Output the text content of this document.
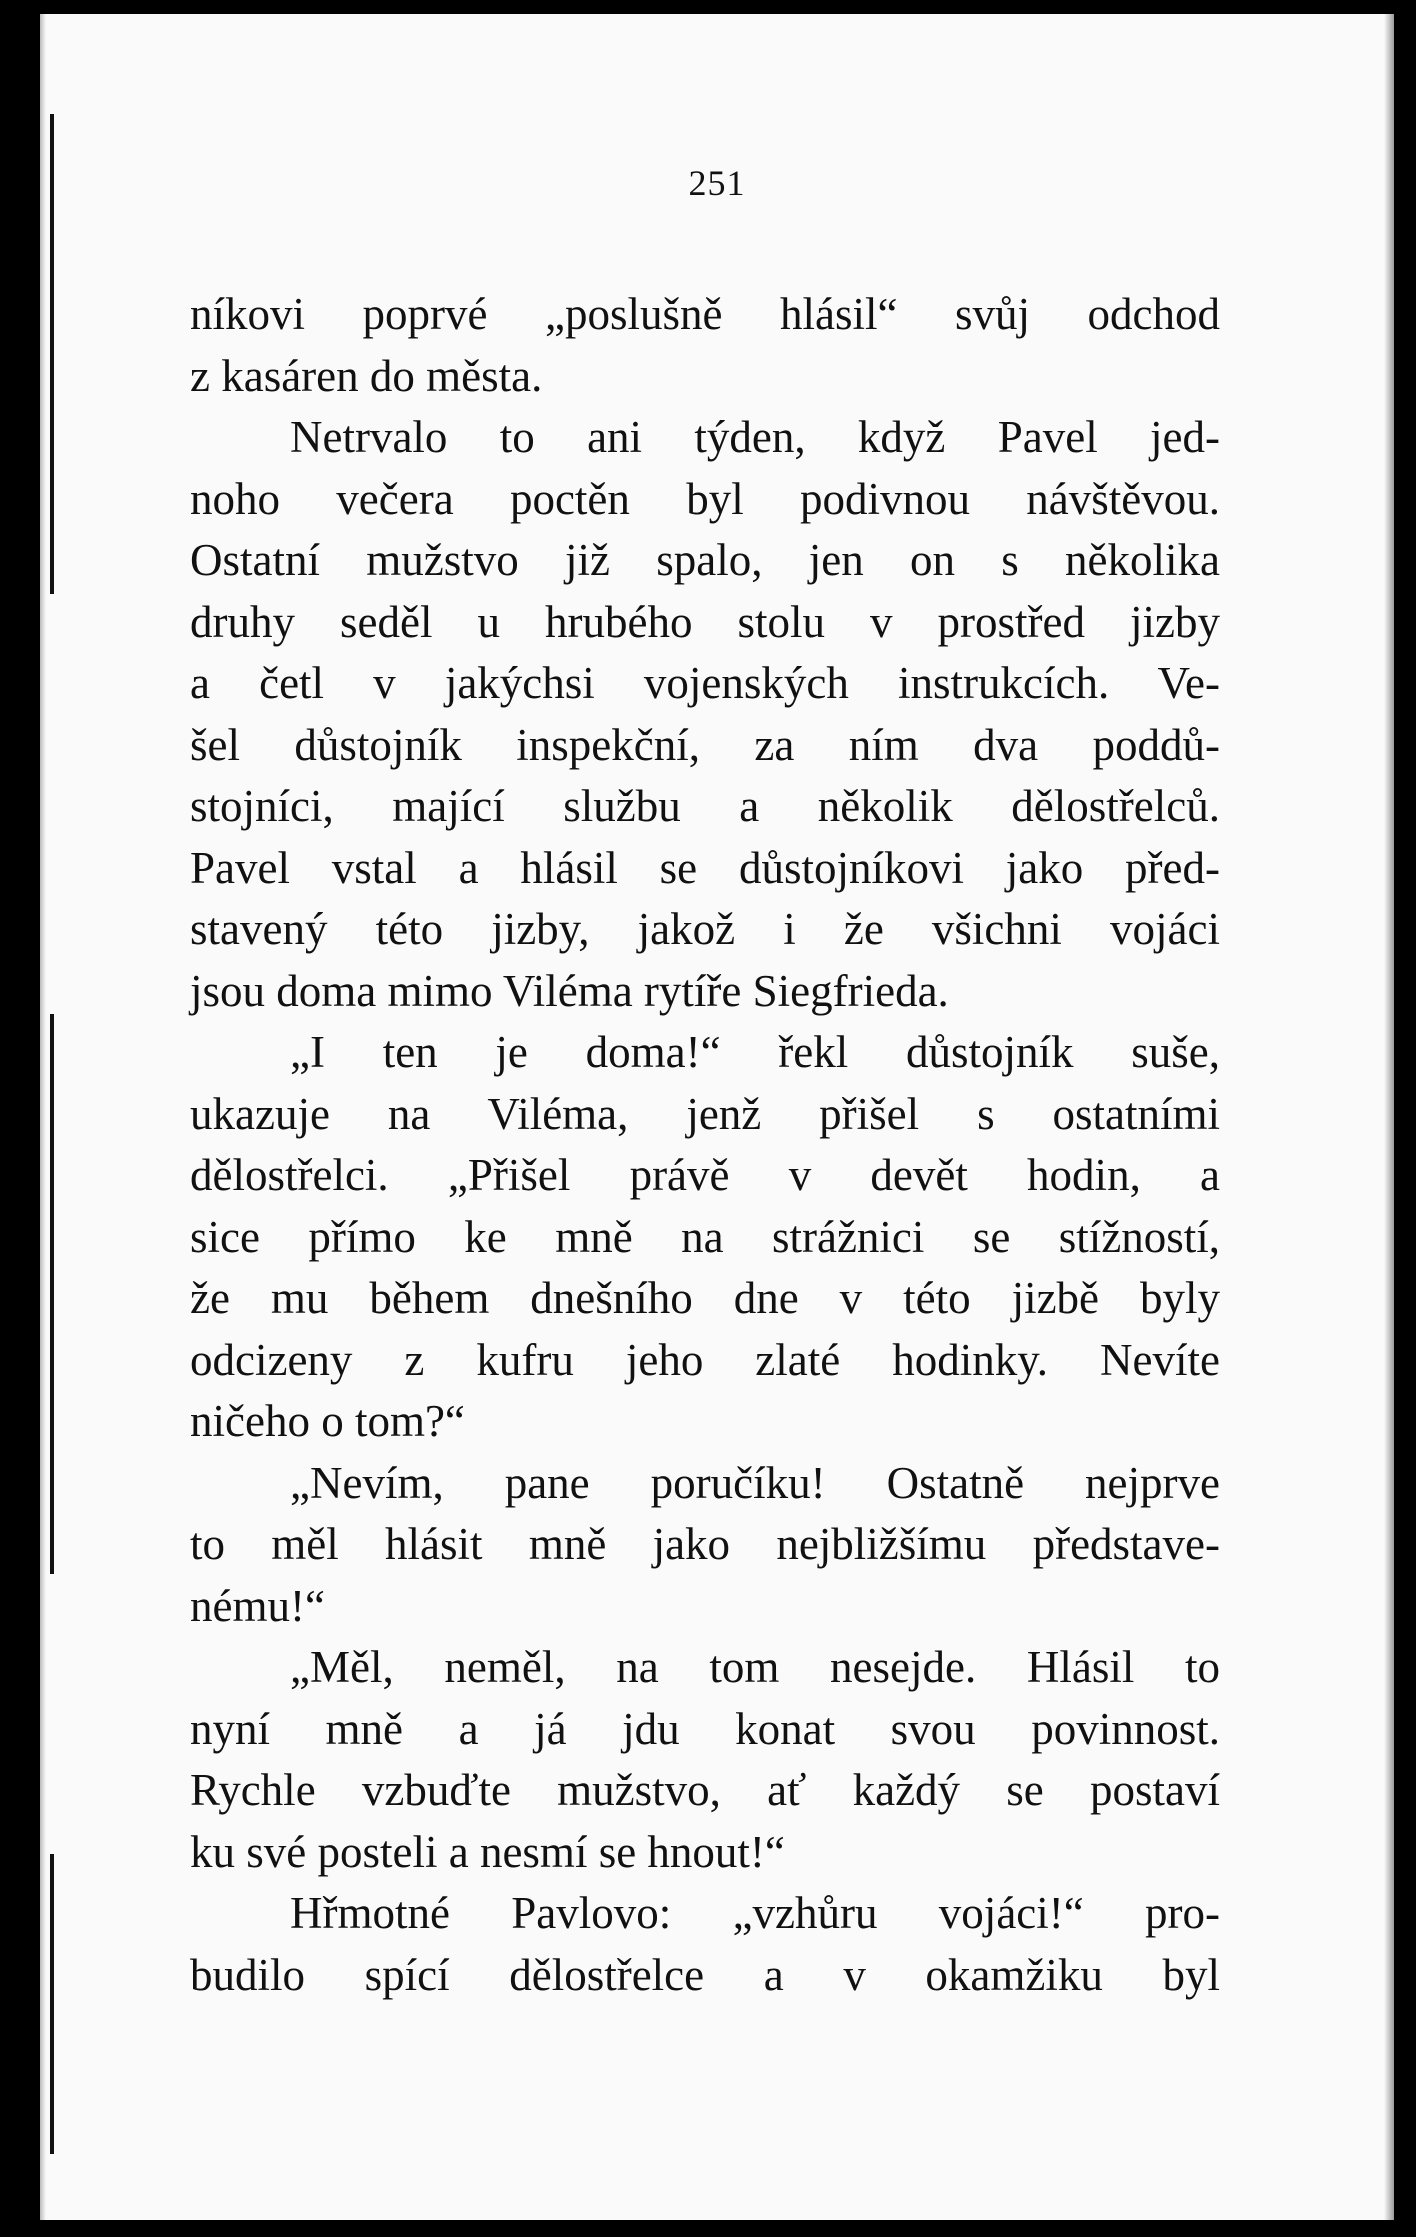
251
níkovi poprvé „poslušně hlásil“ svůj odchod
z kasáren do města.
Netrvalo to ani týden, když Pavel jed-
noho večera poctěn byl podivnou návštěvou.
Ostatní mužstvo již spalo, jen on s několika
druhy seděl u hrubého stolu v prostřed jizby
a četl v jakýchsi vojenských instrukcích. Ve-
šel důstojník inspekční, za ním dva poddů-
stojníci, mající službu a několik dělostřelců.
Pavel vstal a hlásil se důstojníkovi jako před-
stavený této jizby, jakož i že všichni vojáci
jsou doma mimo Viléma rytíře Siegfrieda.
„I ten je doma!“ řekl důstojník suše,
ukazuje na Viléma, jenž přišel s ostatními
dělostřelci. „Přišel právě v devět hodin, a
sice přímo ke mně na strážnici se stížností,
že mu během dnešního dne v této jizbě byly
odcizeny z kufru jeho zlaté hodinky. Nevíte
ničeho o tom?“
„Nevím, pane poručíku! Ostatně nejprve
to měl hlásit mně jako nejbližšímu představe-
nému!“
„Měl, neměl, na tom nesejde. Hlásil to
nyní mně a já jdu konat svou povinnost.
Rychle vzbuďte mužstvo, ať každý se postaví
ku své posteli a nesmí se hnout!“
Hřmotné Pavlovo: „vzhůru vojáci!“ pro-
budilo spící dělostřelce a v okamžiku byl
